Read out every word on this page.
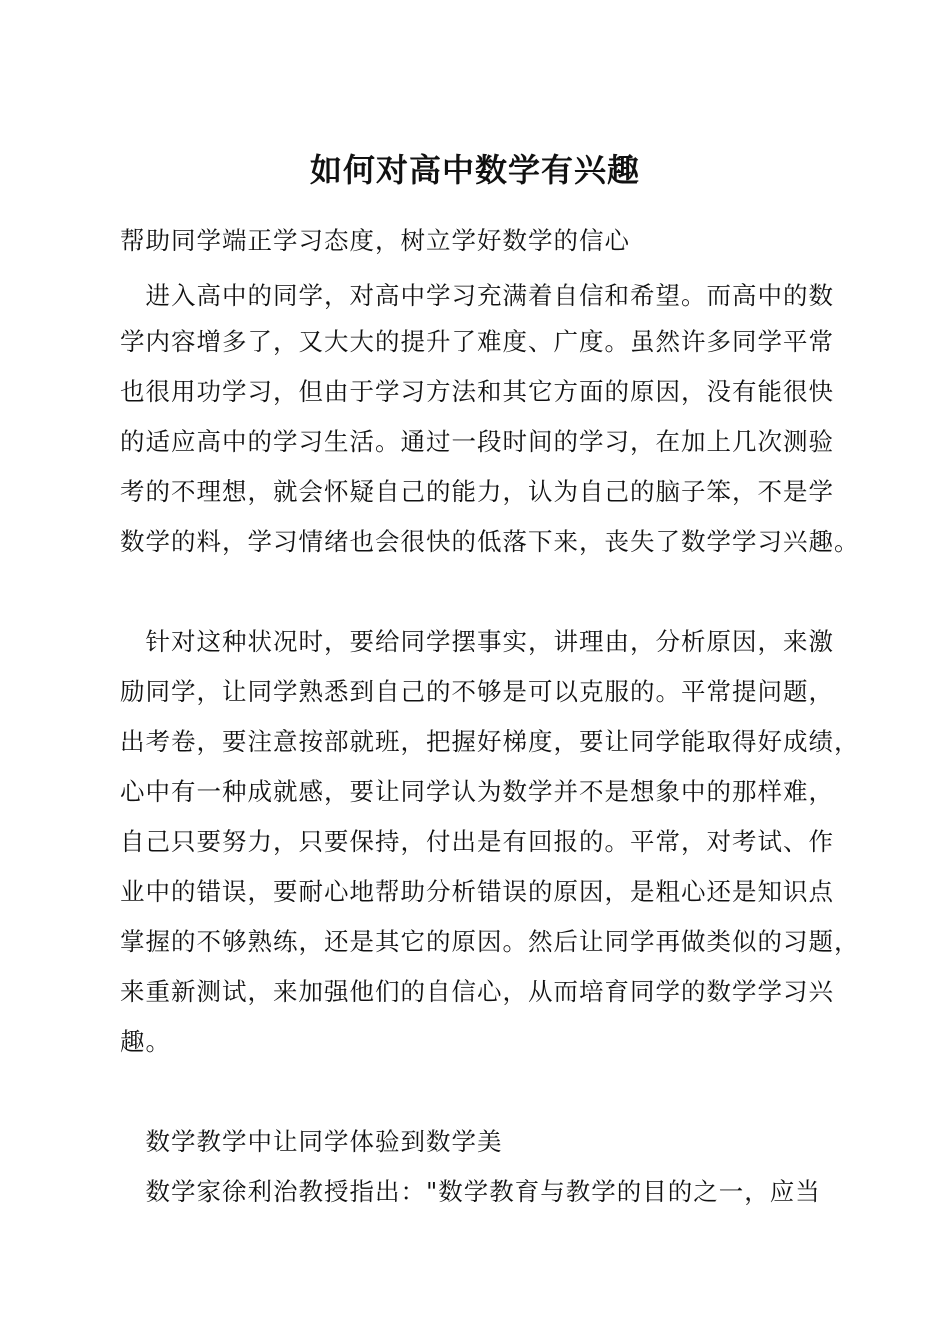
如何对高中数学有兴趣
帮助同学端正学习态度，树立学好数学的信心
　进入高中的同学，对高中学习充满着自信和希望。而高中的数
学内容增多了，又大大的提升了难度、广度。虽然许多同学平常
也很用功学习，但由于学习方法和其它方面的原因，没有能很快
的适应高中的学习生活。通过一段时间的学习，在加上几次测验
考的不理想，就会怀疑自己的能力，认为自己的脑子笨，不是学
数学的料，学习情绪也会很快的低落下来，丧失了数学学习兴趣。
　针对这种状况时，要给同学摆事实，讲理由，分析原因，来激
励同学，让同学熟悉到自己的不够是可以克服的。平常提问题，
出考卷，要注意按部就班，把握好梯度，要让同学能取得好成绩，
心中有一种成就感，要让同学认为数学并不是想象中的那样难，
自己只要努力，只要保持，付出是有回报的。平常，对考试、作
业中的错误，要耐心地帮助分析错误的原因，是粗心还是知识点
掌握的不够熟练，还是其它的原因。然后让同学再做类似的习题，
来重新测试，来加强他们的自信心，从而培育同学的数学学习兴
趣。
　数学教学中让同学体验到数学美
　数学家徐利治教授指出："数学教育与教学的目的之一，应当
